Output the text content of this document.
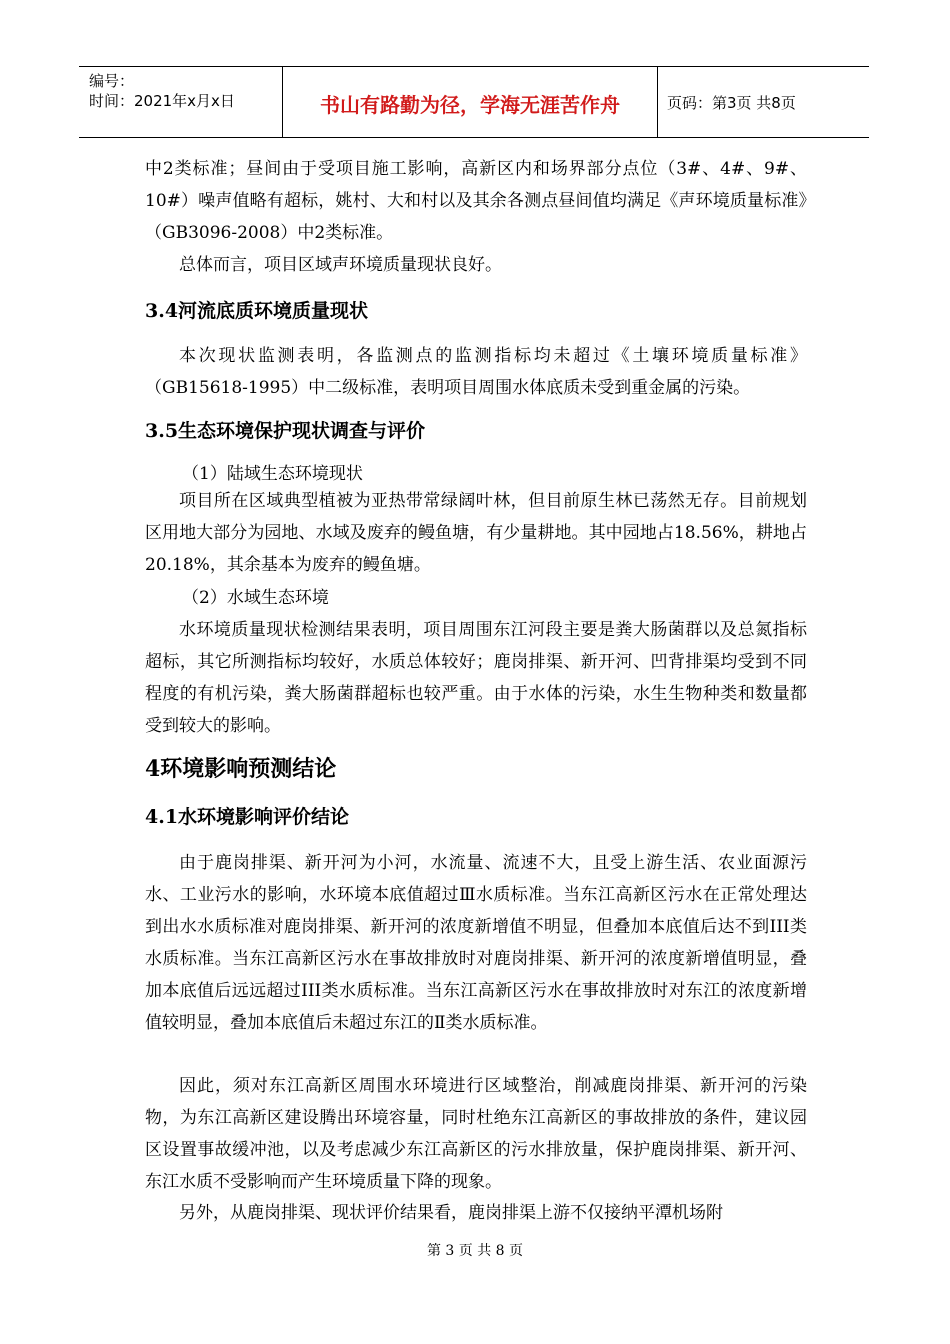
编号：
时间：2021年x月x日	书山有路勤为径，学海无涯苦作舟	页码：第3页 共8页

中2类标准；昼间由于受项目施工影响，高新区内和场界部分点位（3#、4#、9#、10#）噪声值略有超标，姚村、大和村以及其余各测点昼间值均满足《声环境质量标准》（GB3096-2008）中2类标准。

总体而言，项目区域声环境质量现状良好。

3.4河流底质环境质量现状

本次现状监测表明，各监测点的监测指标均未超过《土壤环境质量标准》（GB15618-1995）中二级标准，表明项目周围水体底质未受到重金属的污染。

3.5生态环境保护现状调查与评价

（1）陆域生态环境现状

项目所在区域典型植被为亚热带常绿阔叶林，但目前原生林已荡然无存。目前规划区用地大部分为园地、水域及废弃的鳗鱼塘，有少量耕地。其中园地占18.56%，耕地占20.18%，其余基本为废弃的鳗鱼塘。

（2）水域生态环境

水环境质量现状检测结果表明，项目周围东江河段主要是粪大肠菌群以及总氮指标超标，其它所测指标均较好，水质总体较好；鹿岗排渠、新开河、凹背排渠均受到不同程度的有机污染，粪大肠菌群超标也较严重。由于水体的污染，水生生物种类和数量都受到较大的影响。

4环境影响预测结论
4.1水环境影响评价结论

由于鹿岗排渠、新开河为小河，水流量、流速不大，且受上游生活、农业面源污水、工业污水的影响，水环境本底值超过Ⅲ水质标准。当东江高新区污水在正常处理达到出水水质标准对鹿岗排渠、新开河的浓度新增值不明显，但叠加本底值后达不到III类水质标准。当东江高新区污水在事故排放时对鹿岗排渠、新开河的浓度新增值明显，叠加本底值后远远超过III类水质标准。当东江高新区污水在事故排放时对东江的浓度新增值较明显，叠加本底值后未超过东江的Ⅱ类水质标准。

因此，须对东江高新区周围水环境进行区域整治，削减鹿岗排渠、新开河的污染物，为东江高新区建设腾出环境容量，同时杜绝东江高新区的事故排放的条件，建议园区设置事故缓冲池，以及考虑减少东江高新区的污水排放量，保护鹿岗排渠、新开河、东江水质不受影响而产生环境质量下降的现象。

另外，从鹿岗排渠、现状评价结果看，鹿岗排渠上游不仅接纳平潭机场附

第 3 页 共 8 页
